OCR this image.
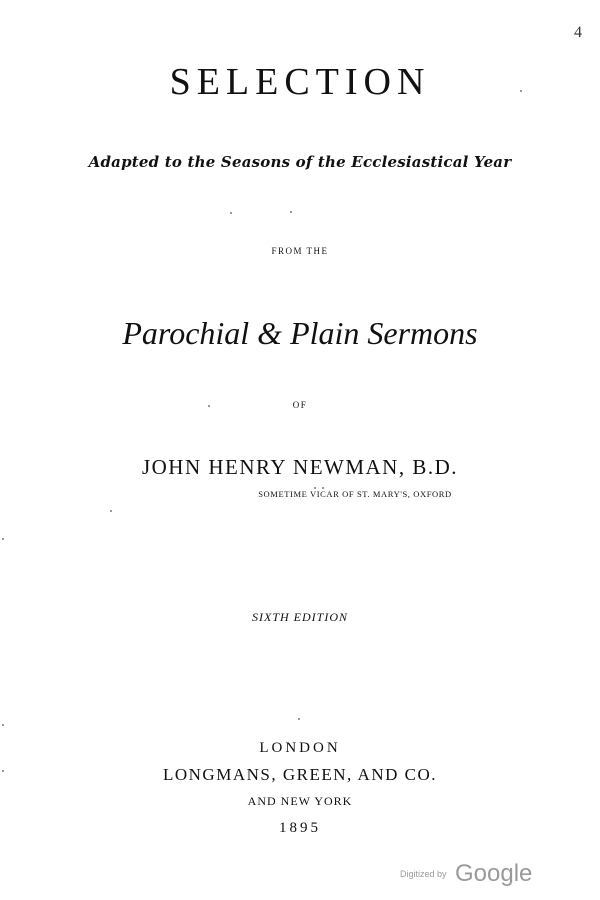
4
SELECTION
Adapted to the Seasons of the Ecclesiastical Year
FROM THE
Parochial & Plain Sermons
OF
JOHN HENRY NEWMAN, B.D.
SOMETIME VICAR OF ST. MARY'S, OXFORD
SIXTH EDITION
LONDON
LONGMANS, GREEN, AND CO.
AND NEW YORK
1895
Digitized by Google
